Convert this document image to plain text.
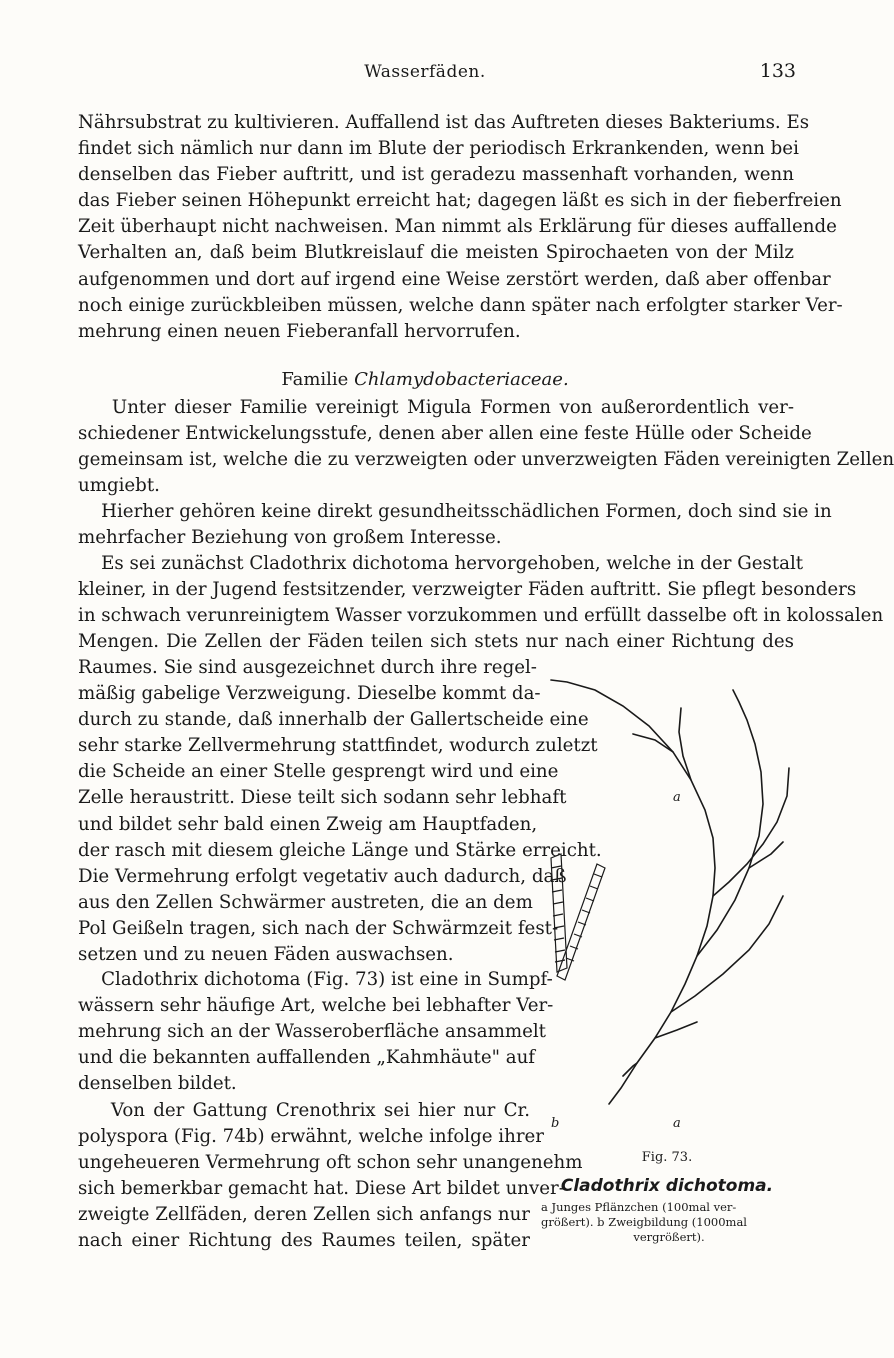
Wasserfäden.	133
Nährsubstrat zu kultivieren. Auffallend ist das Auftreten dieses Bakteriums. Es
findet sich nämlich nur dann im Blute der periodisch Erkrankenden, wenn bei
denselben das Fieber auftritt, und ist geradezu massenhaft vorhanden, wenn
das Fieber seinen Höhepunkt erreicht hat; dagegen läßt es sich in der fieberfreien
Zeit überhaupt nicht nachweisen. Man nimmt als Erklärung für dieses auffallende
Verhalten an, daß beim Blutkreislauf die meisten Spirochaeten von der Milz
aufgenommen und dort auf irgend eine Weise zerstört werden, daß aber offenbar
noch einige zurückbleiben müssen, welche dann später nach erfolgter starker Ver-
mehrung einen neuen Fieberanfall hervorrufen.
Familie Chlamydobacteriaceae.
Unter dieser Familie vereinigt Migula Formen von außerordentlich ver-
schiedener Entwickelungsstufe, denen aber allen eine feste Hülle oder Scheide
gemeinsam ist, welche die zu verzweigten oder unverzweigten Fäden vereinigten Zellen
umgiebt.
Hierher gehören keine direkt gesundheitsschädlichen Formen, doch sind sie in
mehrfacher Beziehung von großem Interesse.
Es sei zunächst Cladothrix dichotoma hervorgehoben, welche in der Gestalt
kleiner, in der Jugend festsitzender, verzweigter Fäden auftritt. Sie pflegt besonders
in schwach verunreinigtem Wasser vorzukommen und erfüllt dasselbe oft in kolossalen
Mengen. Die Zellen der Fäden teilen sich stets nur nach einer Richtung des
Raumes. Sie sind ausgezeichnet durch ihre regel-
mäßig gabelige Verzweigung. Dieselbe kommt da-
durch zu stande, daß innerhalb der Gallertscheide eine
sehr starke Zellvermehrung stattfindet, wodurch zuletzt
die Scheide an einer Stelle gesprengt wird und eine
Zelle heraustritt. Diese teilt sich sodann sehr lebhaft
und bildet sehr bald einen Zweig am Hauptfaden,
der rasch mit diesem gleiche Länge und Stärke erreicht.
Die Vermehrung erfolgt vegetativ auch dadurch, daß
aus den Zellen Schwärmer austreten, die an dem
Pol Geißeln tragen, sich nach der Schwärmzeit fest-
setzen und zu neuen Fäden auswachsen.
Cladothrix dichotoma (Fig. 73) ist eine in Sumpf-
wässern sehr häufige Art, welche bei lebhafter Ver-
mehrung sich an der Wasseroberfläche ansammelt
und die bekannten auffallenden „Kahmhäute" auf
denselben bildet.
Von der Gattung Crenothrix sei hier nur Cr.
polyspora (Fig. 74b) erwähnt, welche infolge ihrer
ungeheueren Vermehrung oft schon sehr unangenehm
sich bemerkbar gemacht hat. Diese Art bildet unver-
zweigte Zellfäden, deren Zellen sich anfangs nur
nach einer Richtung des Raumes teilen, später
a
b	a
Fig. 73.
Cladothrix dichotoma.
a Junges Pflänzchen (100mal ver-
größert). b Zweigbildung (1000mal
vergrößert).
